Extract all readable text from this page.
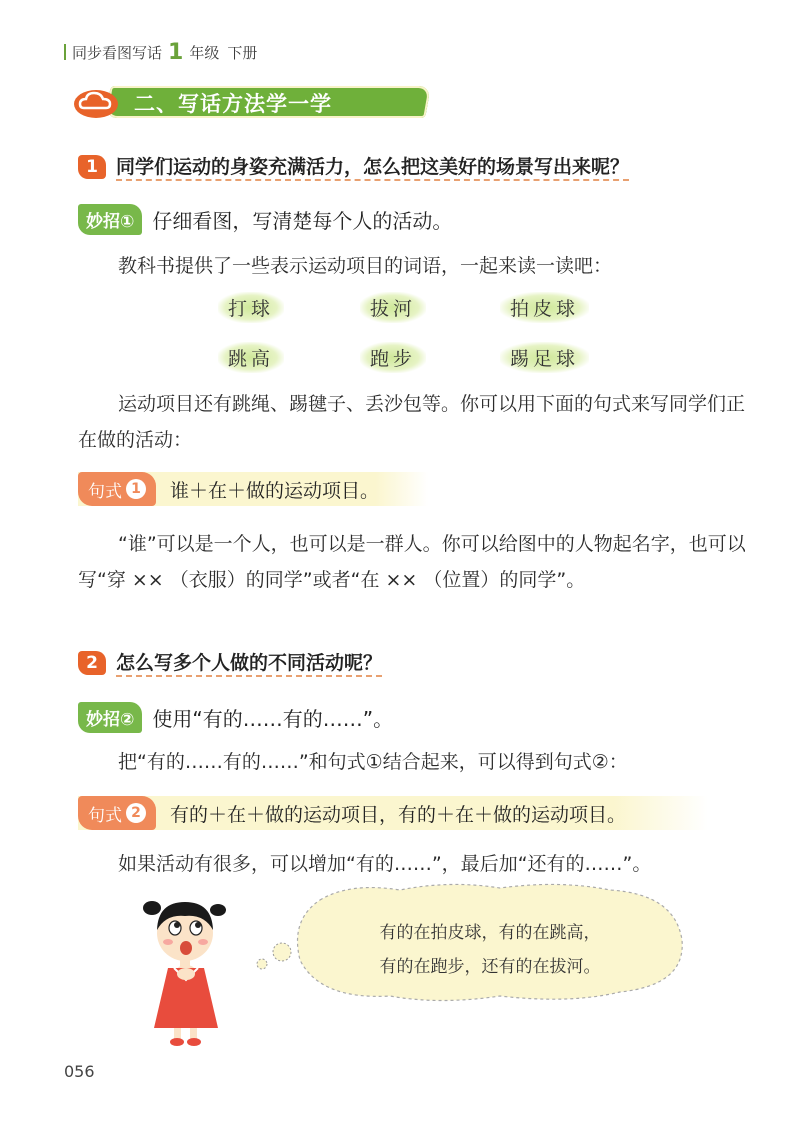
同步看图写话 1 年级 下册
二、写话方法学一学
1 同学们运动的身姿充满活力，怎么把这美好的场景写出来呢？
妙招① 仔细看图，写清楚每个人的活动。
教科书提供了一些表示运动项目的词语，一起来读一读吧：
打球	拔河	拍皮球
跳高	跑步	踢足球
运动项目还有跳绳、踢毽子、丢沙包等。你可以用下面的句式来写同学们正在做的活动：
句式 1 谁＋在＋做的运动项目。
“谁”可以是一个人，也可以是一群人。你可以给图中的人物起名字，也可以写“穿 ×× （衣服）的同学”或者“在 ×× （位置）的同学”。
2 怎么写多个人做的不同活动呢？
妙招② 使用“有的……有的……”。
把“有的……有的……”和句式①结合起来，可以得到句式②：
句式 2 有的＋在＋做的运动项目，有的＋在＋做的运动项目。
如果活动有很多，可以增加“有的……”，最后加“还有的……”。
有的在拍皮球，有的在跳高，
有的在跑步，还有的在拔河。
056
